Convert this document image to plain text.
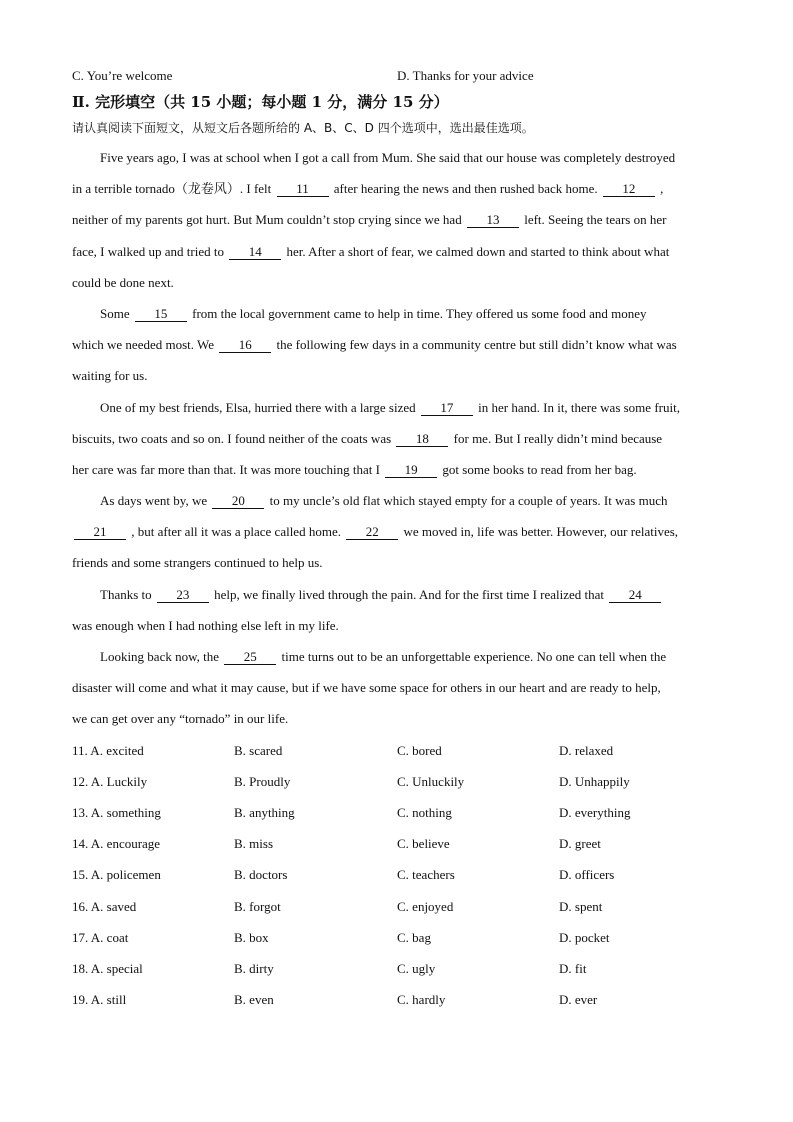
C. You’re welcome	D. Thanks for your advice
Ⅱ. 完形填空（共 15 小题；每小题 1 分，满分 15 分）
请认真阅读下面短文，从短文后各题所给的 A、B、C、D 四个选项中，选出最佳选项。
Five years ago, I was at school when I got a call from Mum. She said that our house was completely destroyed
in a terrible tornado（龙卷风）. I felt 11 after hearing the news and then rushed back home. 12 ,
neither of my parents got hurt. But Mum couldn’t stop crying since we had 13 left. Seeing the tears on her
face, I walked up and tried to 14 her. After a short of fear, we calmed down and started to think about what
could be done next.
Some 15 from the local government came to help in time. They offered us some food and money
which we needed most. We 16 the following few days in a community centre but still didn’t know what was
waiting for us.
One of my best friends, Elsa, hurried there with a large sized 17 in her hand. In it, there was some fruit,
biscuits, two coats and so on. I found neither of the coats was 18 for me. But I really didn’t mind because
her care was far more than that. It was more touching that I 19 got some books to read from her bag.
As days went by, we 20 to my uncle’s old flat which stayed empty for a couple of years. It was much
21 , but after all it was a place called home. 22 we moved in, life was better. However, our relatives,
friends and some strangers continued to help us.
Thanks to 23 help, we finally lived through the pain. And for the first time I realized that 24
was enough when I had nothing else left in my life.
Looking back now, the 25 time turns out to be an unforgettable experience. No one can tell when the
disaster will come and what it may cause, but if we have some space for others in our heart and are ready to help,
we can get over any “tornado” in our life.
11. A. excited	B. scared	C. bored	D. relaxed
12. A. Luckily	B. Proudly	C. Unluckily	D. Unhappily
13. A. something	B. anything	C. nothing	D. everything
14. A. encourage	B. miss	C. believe	D. greet
15. A. policemen	B. doctors	C. teachers	D. officers
16. A. saved	B. forgot	C. enjoyed	D. spent
17. A. coat	B. box	C. bag	D. pocket
18. A. special	B. dirty	C. ugly	D. fit
19. A. still	B. even	C. hardly	D. ever
